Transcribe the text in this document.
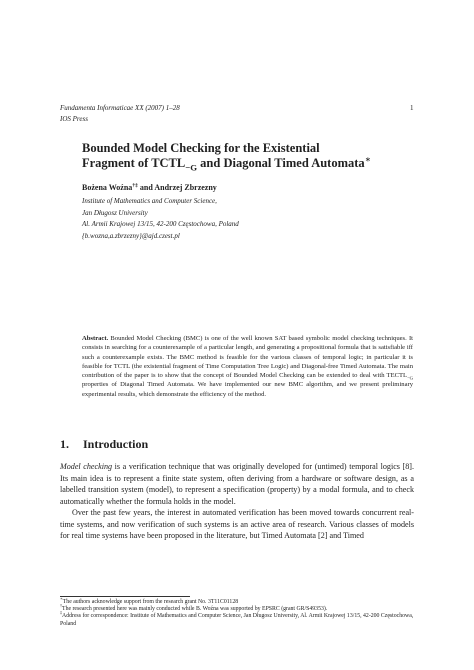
Fundamenta Informaticae XX (2007) 1–28	1
IOS Press
Bounded Model Checking for the Existential
Fragment of $TCTL_{-G}$ and Diagonal Timed Automata∗
Bożena Woźna†‡ and Andrzej Zbrzezny
Institute of Mathematics and Computer Science,
Jan Długosz University
Al. Armii Krajowej 13/15, 42-200 Częstochowa, Poland
{b.wozna,a.zbrzezny}@ajd.czest.pl
Abstract. Bounded Model Checking (BMC) is one of the well known SAT based symbolic model checking techniques. It consists in searching for a counterexample of a particular length, and generating a propositional formula that is satisfiable iff such a counterexample exists. The BMC method is feasible for the various classes of temporal logic; in particular it is feasible for TCTL (the existential fragment of Time Computation Tree Logic) and Diagonal-free Timed Automata. The main contribution of the paper is to show that the concept of Bounded Model Checking can be extended to deal with $TECTL_{-G}$ properties of Diagonal Timed Automata. We have implemented our new BMC algorithm, and we present preliminary experimental results, which demonstrate the efficiency of the method.
1. Introduction

Model checking is a verification technique that was originally developed for (untimed) temporal logics [8]. Its main idea is to represent a finite state system, often deriving from a hardware or software design, as a labelled transition system (model), to represent a specification (property) by a modal formula, and to check automatically whether the formula holds in the model.

Over the past few years, the interest in automated verification has been moved towards concurrent real-time systems, and now verification of such systems is an active area of research. Various classes of models for real time systems have been proposed in the literature, but Timed Automata [2] and Timed

∗The authors acknowledge support from the research grant No. 3T11C01128
†The research presented here was mainly conducted while B. Woźna was supported by EPSRC (grant GR/S49353).
‡Address for correspondence: Institute of Mathematics and Computer Science, Jan Długosz University, Al. Armii Krajowej 13/15, 42-200 Częstochowa, Poland
